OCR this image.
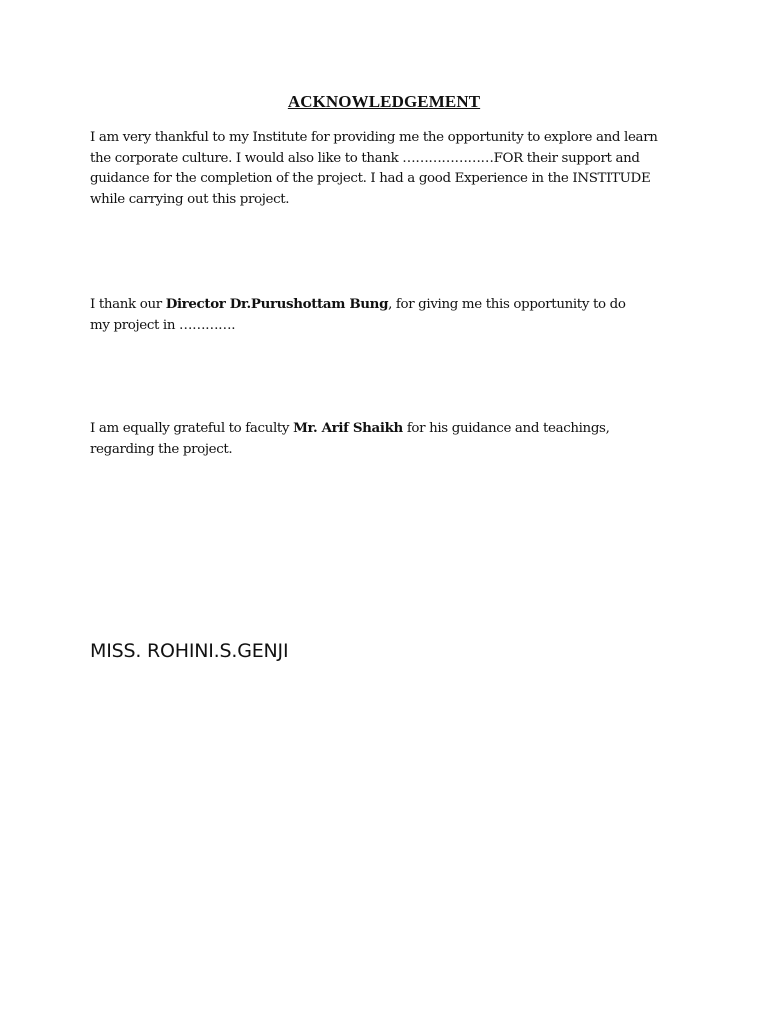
ACKNOWLEDGEMENT

I am very thankful to my Institute for providing me the opportunity to explore and learn
the corporate culture. I would also like to thank …………………FOR their support and
guidance for the completion of the project. I had a good Experience in the INSTITUDE
while carrying out this project.

I thank our Director Dr.Purushottam Bung, for giving me this opportunity to do
my project in ………….

I am equally grateful to faculty Mr. Arif Shaikh for his guidance and teachings,
regarding the project.

MISS. ROHINI.S.GENJI
